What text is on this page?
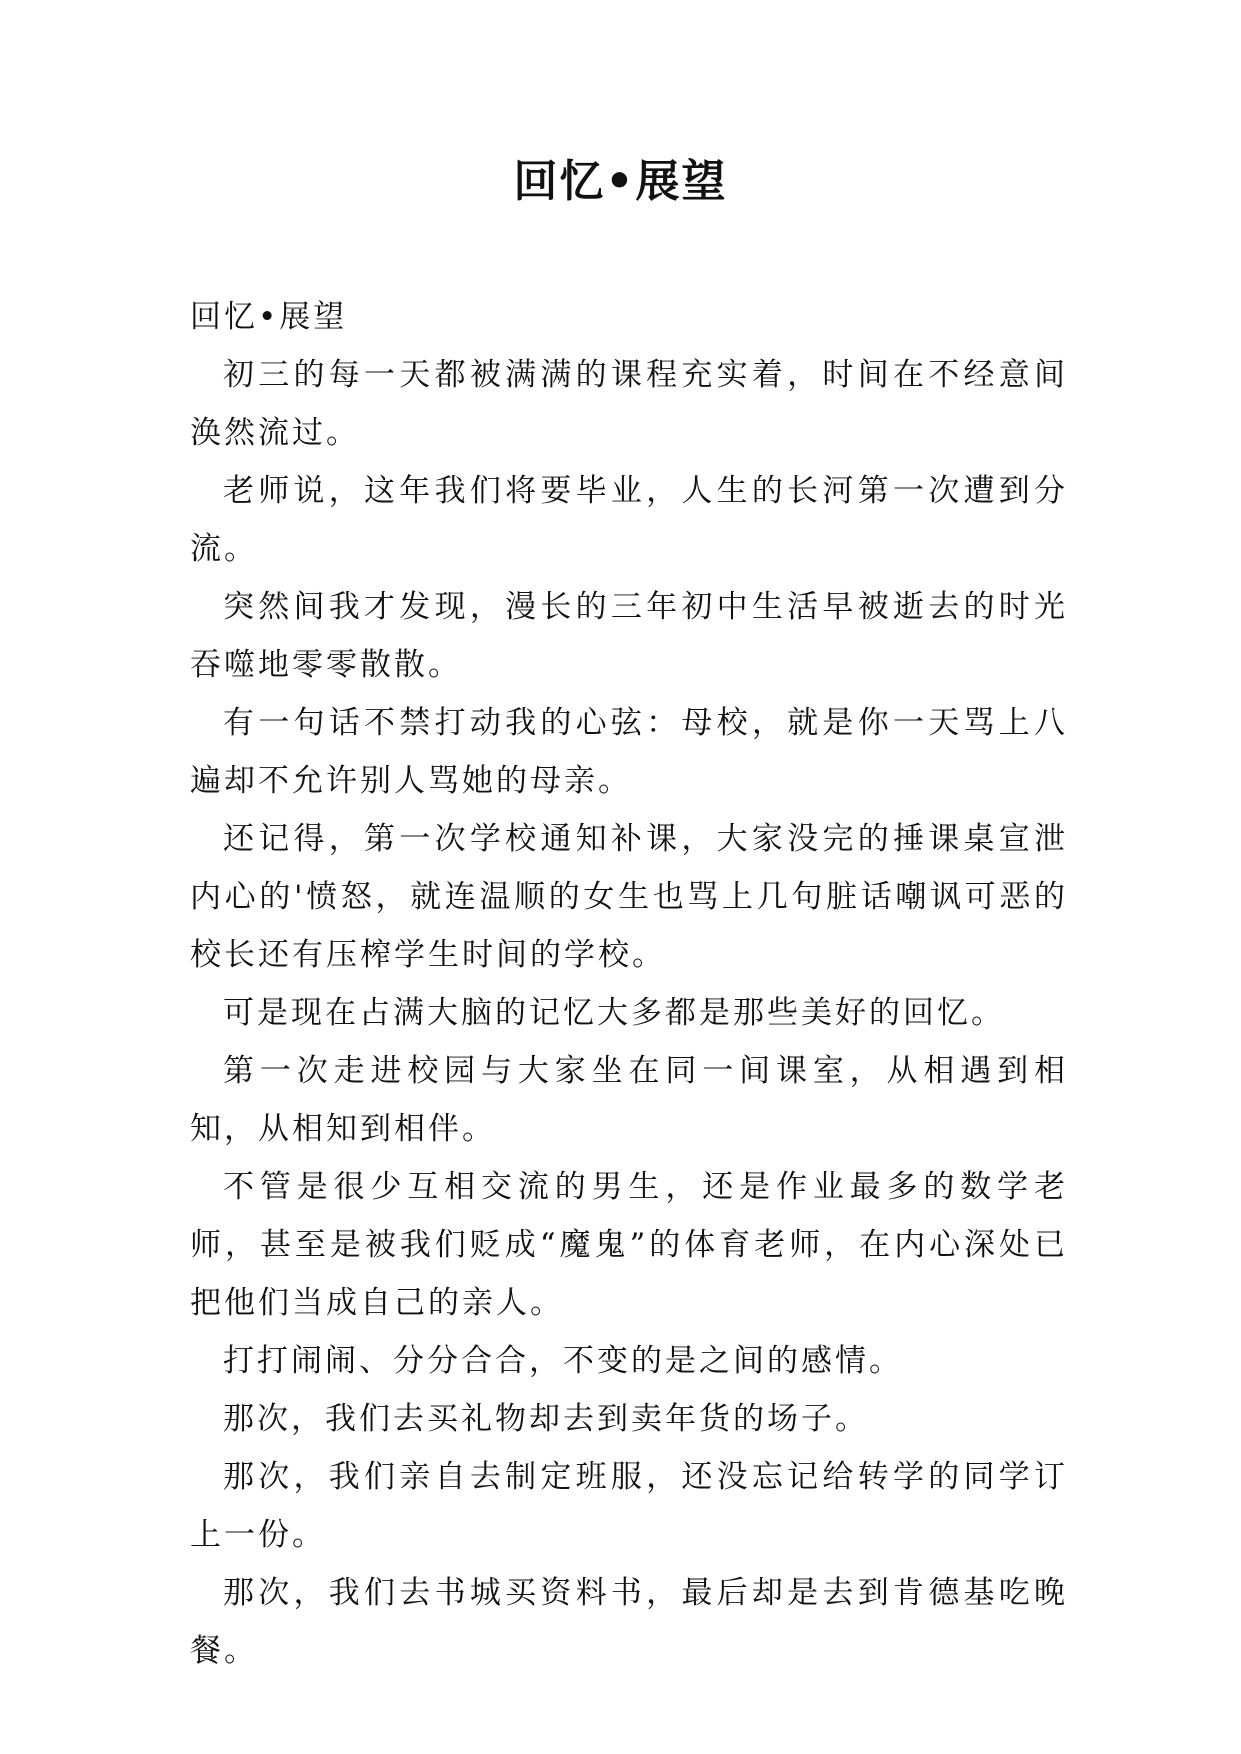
回忆•展望

回忆•展望

初三的每一天都被满满的课程充实着，时间在不经意间涣然流过。

老师说，这年我们将要毕业，人生的长河第一次遭到分流。

突然间我才发现，漫长的三年初中生活早被逝去的时光吞噬地零零散散。

有一句话不禁打动我的心弦：母校，就是你一天骂上八遍却不允许别人骂她的母亲。

还记得，第一次学校通知补课，大家没完的捶课桌宣泄内心的'愤怒，就连温顺的女生也骂上几句脏话嘲讽可恶的校长还有压榨学生时间的学校。

可是现在占满大脑的记忆大多都是那些美好的回忆。

第一次走进校园与大家坐在同一间课室，从相遇到相知，从相知到相伴。

不管是很少互相交流的男生，还是作业最多的数学老师，甚至是被我们贬成“魔鬼”的体育老师，在内心深处已把他们当成自己的亲人。

打打闹闹、分分合合，不变的是之间的感情。

那次，我们去买礼物却去到卖年货的场子。

那次，我们亲自去制定班服，还没忘记给转学的同学订上一份。

那次，我们去书城买资料书，最后却是去到肯德基吃晚餐。
